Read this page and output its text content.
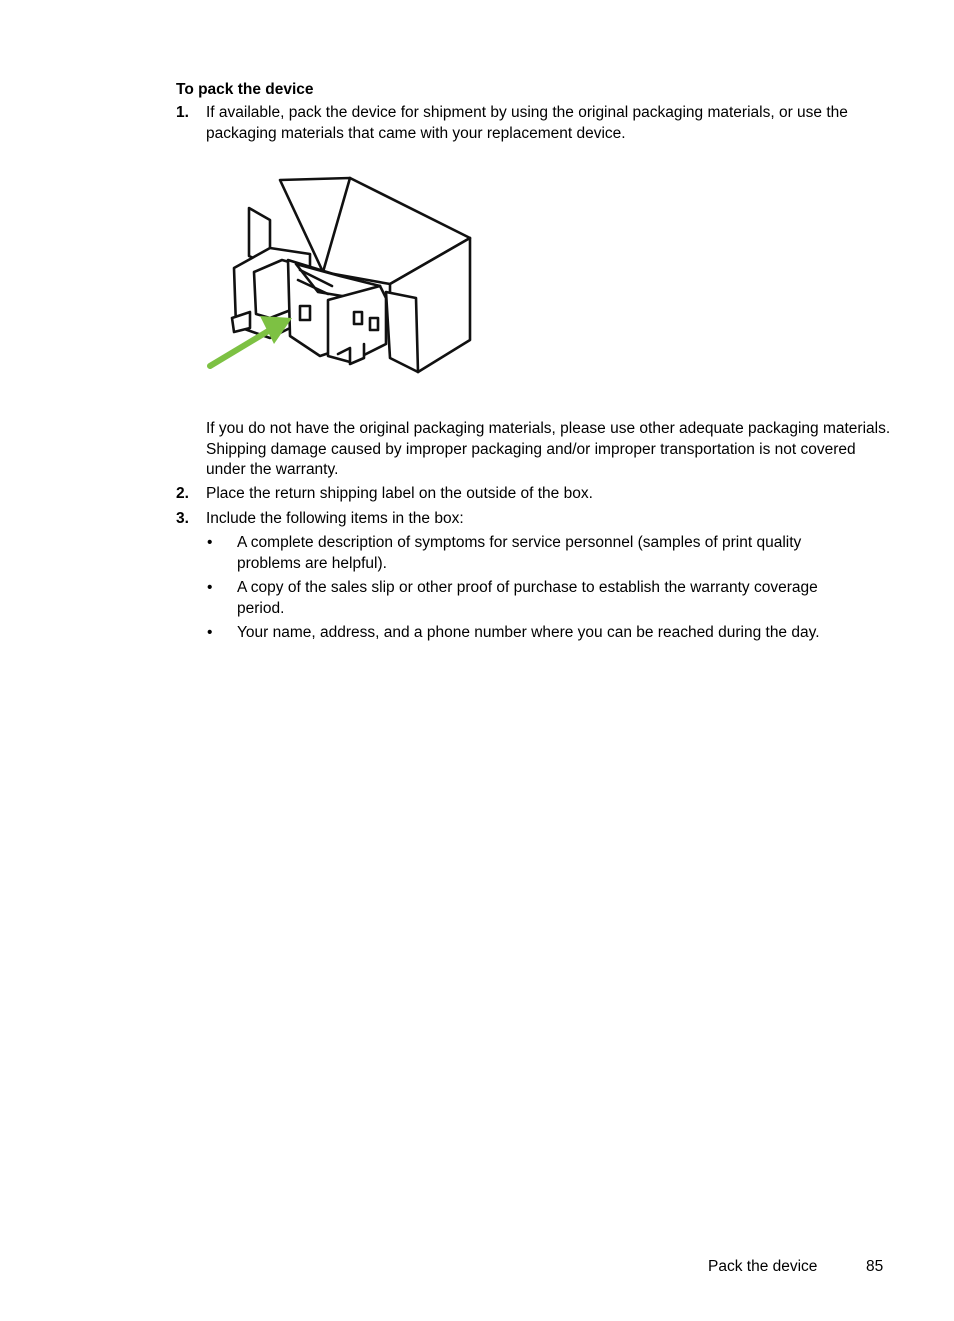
To pack the device
1.	If available, pack the device for shipment by using the original packaging materials, or use the packaging materials that came with your replacement device.
If you do not have the original packaging materials, please use other adequate packaging materials. Shipping damage caused by improper packaging and/or improper transportation is not covered under the warranty.
2.	Place the return shipping label on the outside of the box.
3.	Include the following items in the box:
•	A complete description of symptoms for service personnel (samples of print quality problems are helpful).
•	A copy of the sales slip or other proof of purchase to establish the warranty coverage period.
•	Your name, address, and a phone number where you can be reached during the day.
Pack the device	85
